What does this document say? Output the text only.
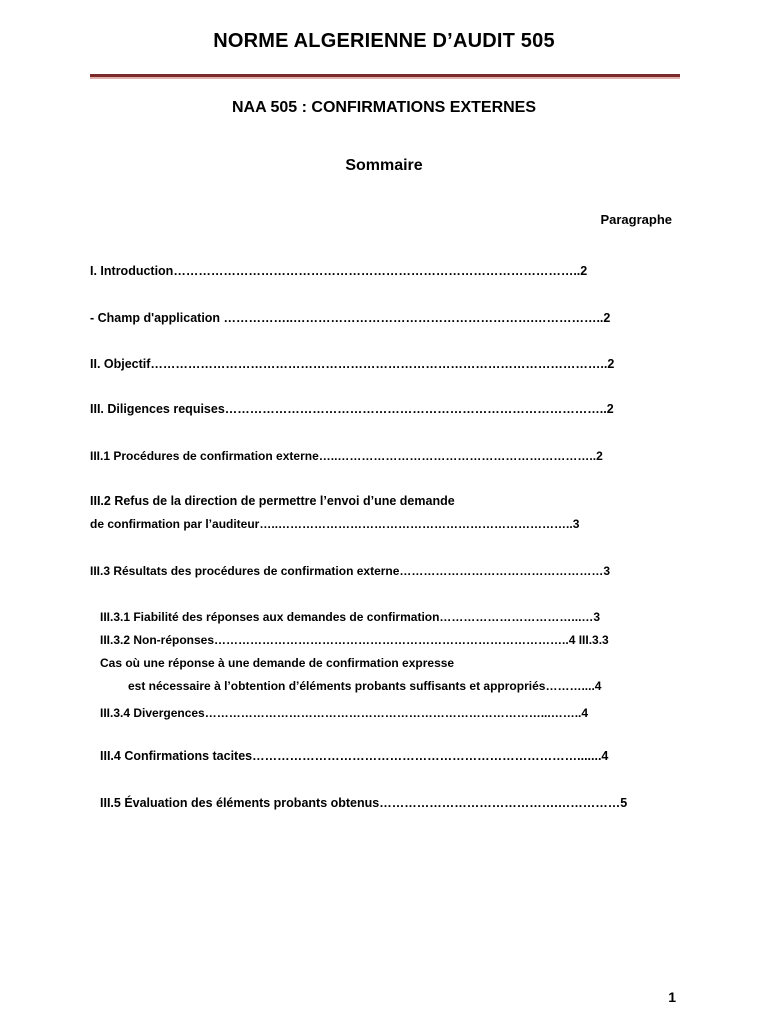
NORME ALGERIENNE D’AUDIT 505
NAA 505 : CONFIRMATIONS EXTERNES
Sommaire
Paragraphe
I. Introduction……………………………………………………………………………………..2
- Champ d'application ……………..………………………………………………….……………..2
II. Objectif………………………………………………………………………………………………..2
III. Diligences requises………………………………………………………………………………..2
III.1 Procédures de confirmation externe…..………………………………………………………..2
III.2 Refus de la direction de permettre l’envoi d’une demande
de confirmation par l’auditeur…..………………………………………………………………..3
III.3 Résultats des procédures de confirmation externe……………………………………………3
III.3.1 Fiabilité des réponses aux demandes de confirmation……………………………...…3
III.3.2 Non-réponses……………………………………………………………………………..4 III.3.3
Cas où une réponse à une demande de confirmation expresse
est nécessaire à l’obtention d’éléments probants suffisants et appropriés………....4
III.3.4 Divergences…………………………………………………………………………...……..4
III.4 Confirmations tacites…………………………………………………………………….......4
III.5 Évaluation des éléments probants obtenus…………………………………….……………5
1
